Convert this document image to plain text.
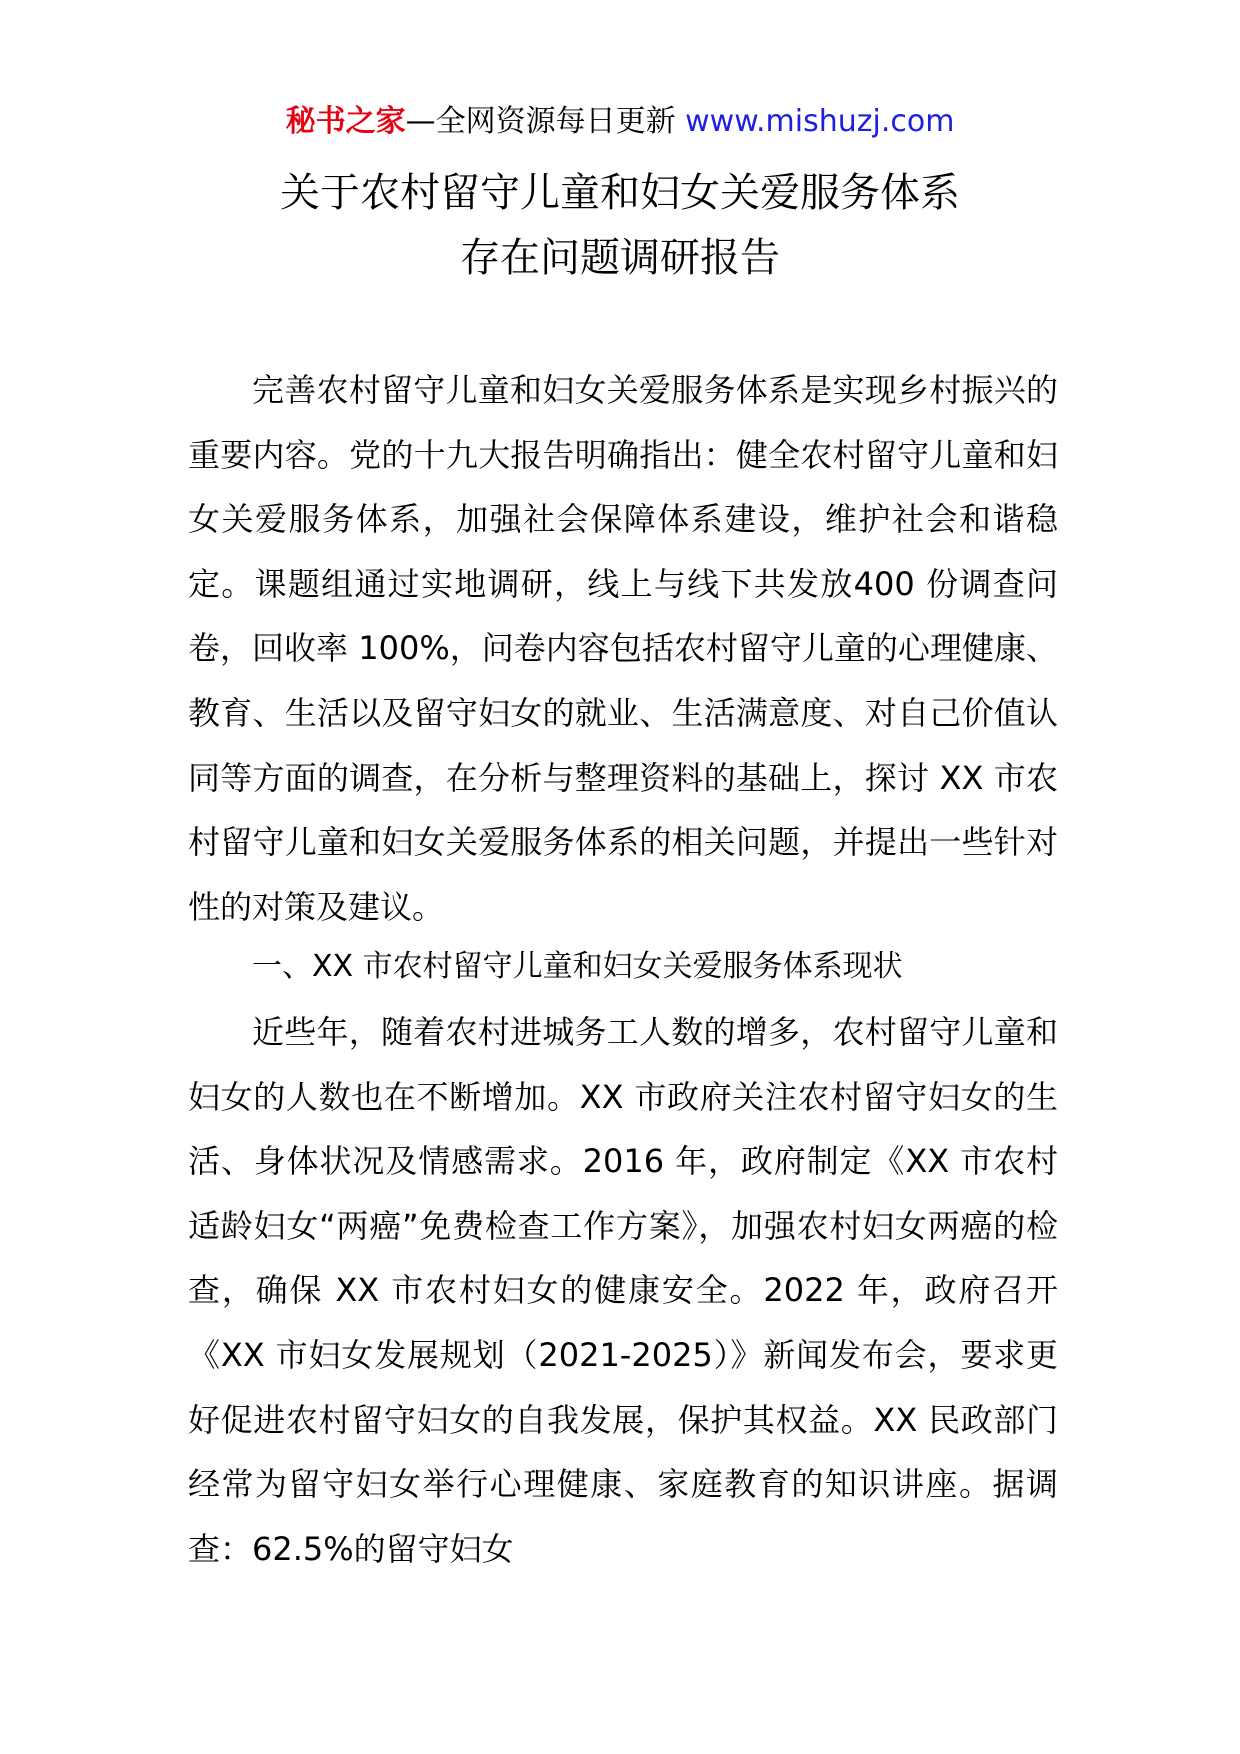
秘书之家—全网资源每日更新 www.mishuzj.com
关于农村留守儿童和妇女关爱服务体系
存在问题调研报告

完善农村留守儿童和妇女关爱服务体系是实现乡村振兴的重要内容。党的十九大报告明确指出：健全农村留守儿童和妇女关爱服务体系，加强社会保障体系建设，维护社会和谐稳定。课题组通过实地调研，线上与线下共发放400 份调查问卷，回收率 100%，问卷内容包括农村留守儿童的心理健康、教育、生活以及留守妇女的就业、生活满意度、对自己价值认同等方面的调查，在分析与整理资料的基础上，探讨 XX 市农村留守儿童和妇女关爱服务体系的相关问题，并提出一些针对性的对策及建议。

一、XX 市农村留守儿童和妇女关爱服务体系现状

近些年，随着农村进城务工人数的增多，农村留守儿童和妇女的人数也在不断增加。XX 市政府关注农村留守妇女的生活、身体状况及情感需求。2016 年，政府制定《XX 市农村适龄妇女“两癌”免费检查工作方案》，加强农村妇女两癌的检查，确保 XX 市农村妇女的健康安全。2022 年，政府召开《XX 市妇女发展规划（2021-2025）》新闻发布会，要求更好促进农村留守妇女的自我发展，保护其权益。XX 民政部门经常为留守妇女举行心理健康、家庭教育的知识讲座。据调查：62.5%的留守妇女
